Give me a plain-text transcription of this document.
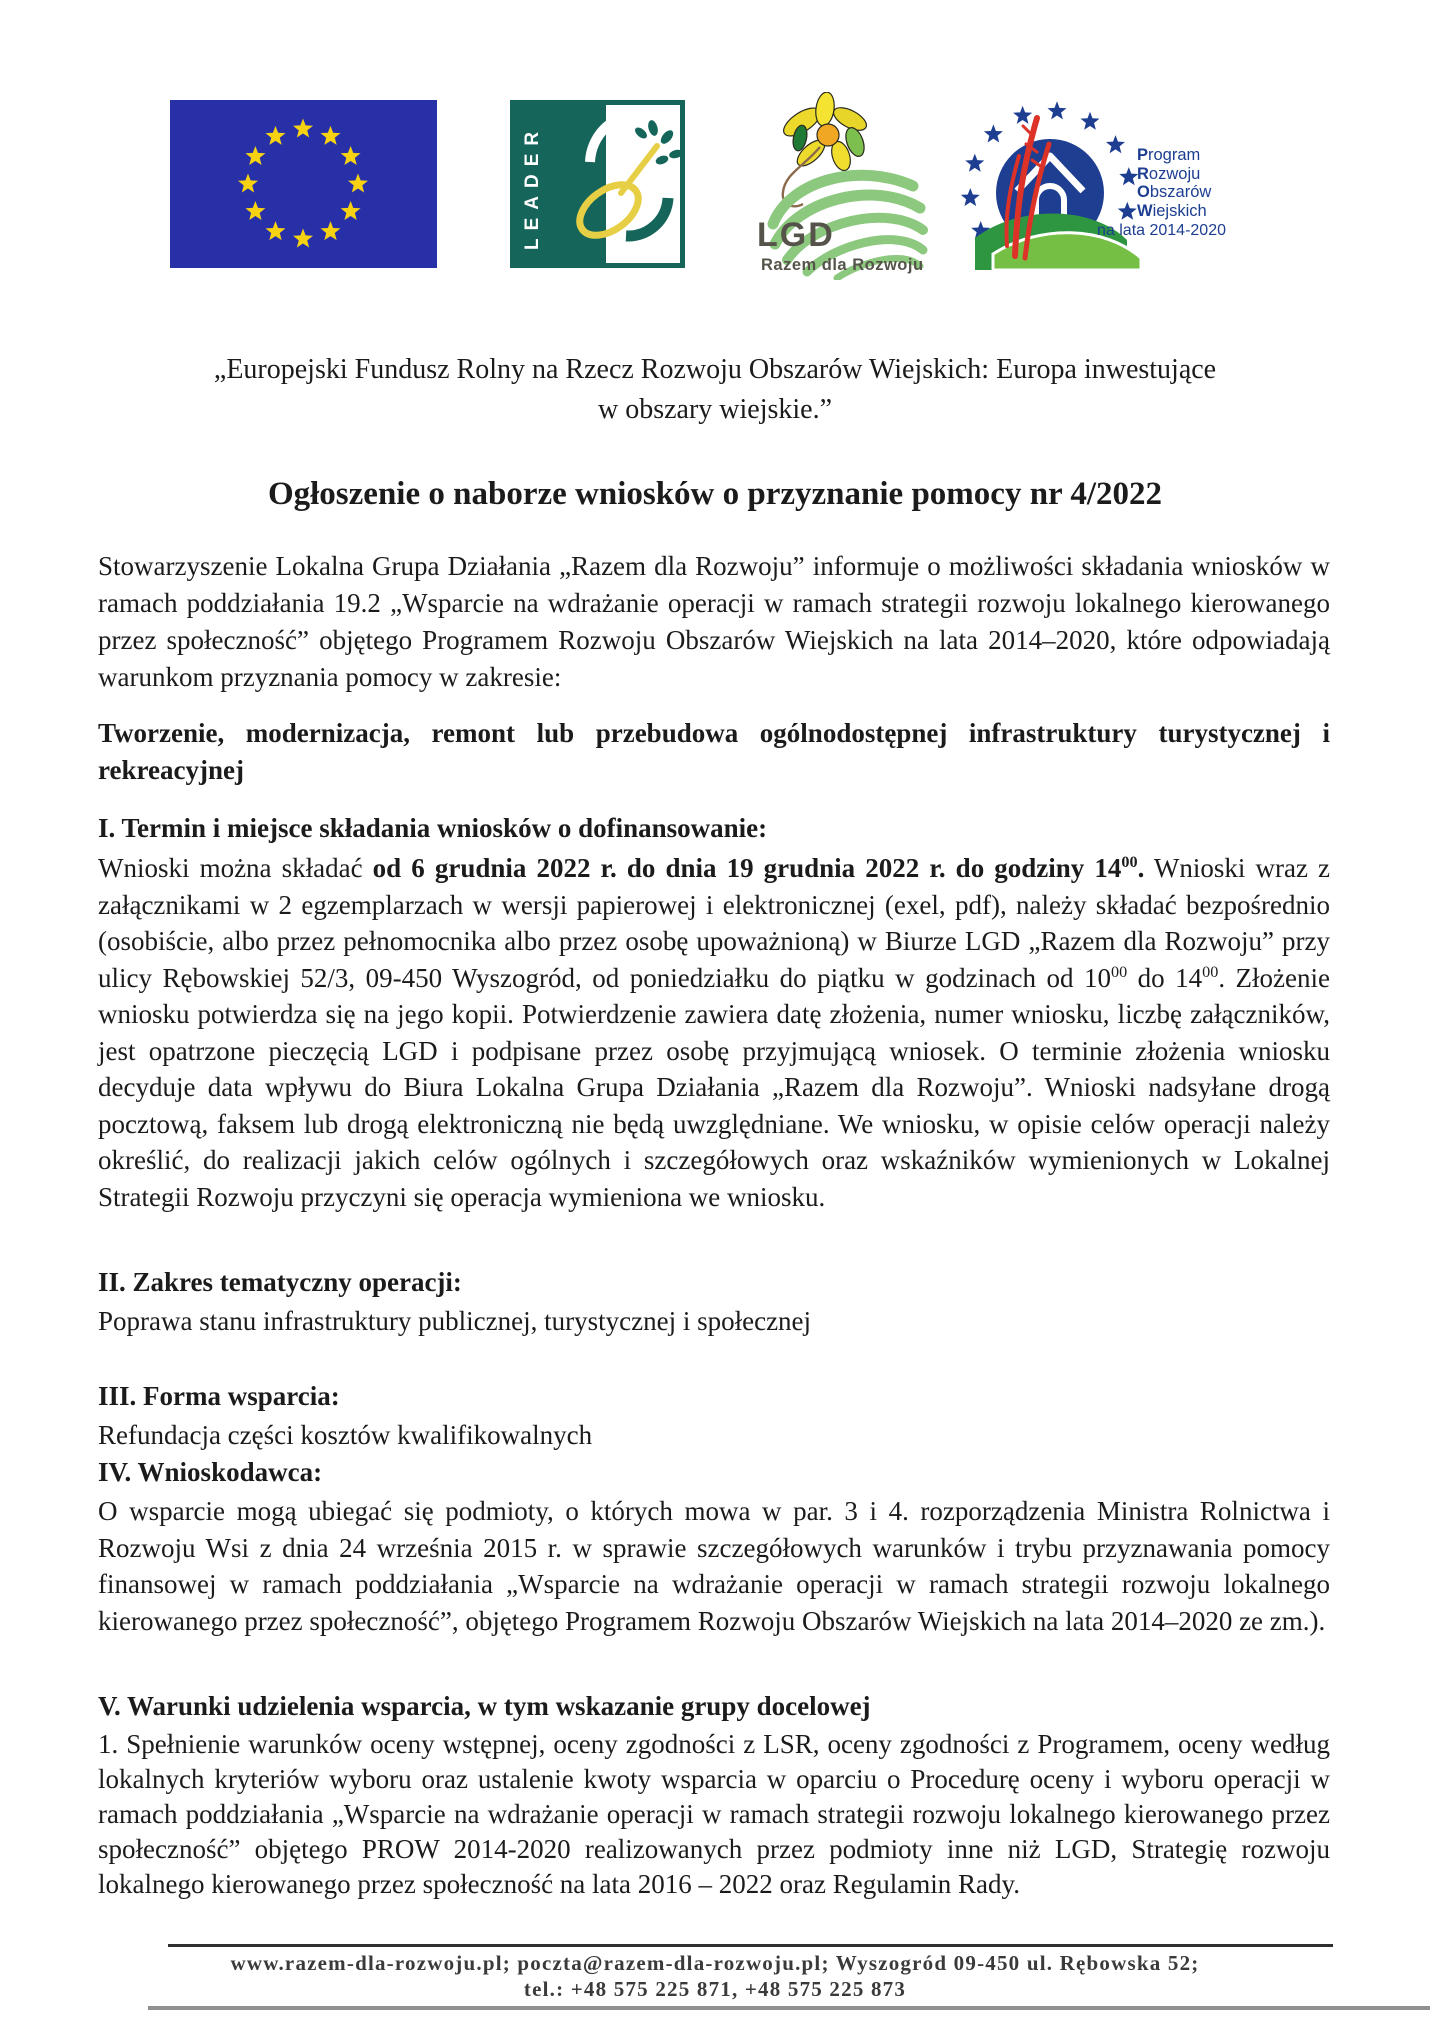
LEADER	LGD
Razem dla Rozwoju
Program
Rozwoju
Obszarów
Wiejskich
na lata 2014-2020
„Europejski Fundusz Rolny na Rzecz Rozwoju Obszarów Wiejskich: Europa inwestujące
w obszary wiejskie.”
Ogłoszenie o naborze wniosków o przyznanie pomocy nr 4/2022
Stowarzyszenie Lokalna Grupa Działania „Razem dla Rozwoju” informuje o możliwości składania wniosków w ramach poddziałania 19.2 „Wsparcie na wdrażanie operacji w ramach strategii rozwoju lokalnego kierowanego przez społeczność” objętego Programem Rozwoju Obszarów Wiejskich na lata 2014–2020, które odpowiadają warunkom przyznania pomocy w zakresie:
Tworzenie, modernizacja, remont lub przebudowa ogólnodostępnej infrastruktury turystycznej i rekreacyjnej
I. Termin i miejsce składania wniosków o dofinansowanie:
Wnioski można składać od 6 grudnia 2022 r. do dnia 19 grudnia 2022 r. do godziny $14^{00}$. Wnioski wraz z załącznikami w 2 egzemplarzach w wersji papierowej i elektronicznej (exel, pdf), należy składać bezpośrednio (osobiście, albo przez pełnomocnika albo przez osobę upoważnioną) w Biurze LGD „Razem dla Rozwoju” przy ulicy Rębowskiej 52/3, 09-450 Wyszogród, od poniedziałku do piątku w godzinach od $10^{00}$ do $14^{00}$. Złożenie wniosku potwierdza się na jego kopii. Potwierdzenie zawiera datę złożenia, numer wniosku, liczbę załączników, jest opatrzone pieczęcią LGD i podpisane przez osobę przyjmującą wniosek. O terminie złożenia wniosku decyduje data wpływu do Biura Lokalna Grupa Działania „Razem dla Rozwoju”. Wnioski nadsyłane drogą pocztową, faksem lub drogą elektroniczną nie będą uwzględniane. We wniosku, w opisie celów operacji należy określić, do realizacji jakich celów ogólnych i szczegółowych oraz wskaźników wymienionych w Lokalnej Strategii Rozwoju przyczyni się operacja wymieniona we wniosku.
II. Zakres tematyczny operacji:
Poprawa stanu infrastruktury publicznej, turystycznej i społecznej
III. Forma wsparcia:
Refundacja części kosztów kwalifikowalnych
IV. Wnioskodawca:
O wsparcie mogą ubiegać się podmioty, o których mowa w par. 3 i 4. rozporządzenia Ministra Rolnictwa i Rozwoju Wsi z dnia 24 września 2015 r. w sprawie szczegółowych warunków i trybu przyznawania pomocy finansowej w ramach poddziałania „Wsparcie na wdrażanie operacji w ramach strategii rozwoju lokalnego kierowanego przez społeczność”, objętego Programem Rozwoju Obszarów Wiejskich na lata 2014–2020 ze zm.).
V. Warunki udzielenia wsparcia, w tym wskazanie grupy docelowej
1. Spełnienie warunków oceny wstępnej, oceny zgodności z LSR, oceny zgodności z Programem, oceny według lokalnych kryteriów wyboru oraz ustalenie kwoty wsparcia w oparciu o Procedurę oceny i wyboru operacji w ramach poddziałania „Wsparcie na wdrażanie operacji w ramach strategii rozwoju lokalnego kierowanego przez społeczność” objętego PROW 2014-2020 realizowanych przez podmioty inne niż LGD, Strategię rozwoju lokalnego kierowanego przez społeczność na lata 2016 – 2022 oraz Regulamin Rady.
www.razem-dla-rozwoju.pl; poczta@razem-dla-rozwoju.pl; Wyszogród 09-450 ul. Rębowska 52;
tel.: +48 575 225 871, +48 575 225 873
